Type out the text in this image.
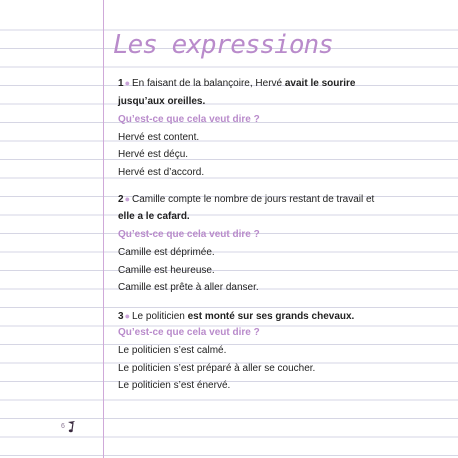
Les expressions
1● En faisant de la balançoire, Hervé avait le sourire
jusqu’aux oreilles.
Qu’est-ce que cela veut dire ?
Hervé est content.
Hervé est déçu.
Hervé est d’accord.
2● Camille compte le nombre de jours restant de travail et
elle a le cafard.
Qu’est-ce que cela veut dire ?
Camille est déprimée.
Camille est heureuse.
Camille est prête à aller danser.
3● Le politicien est monté sur ses grands chevaux.
Qu’est-ce que cela veut dire ?
Le politicien s’est calmé.
Le politicien s’est préparé à aller se coucher.
Le politicien s’est énervé.
6
